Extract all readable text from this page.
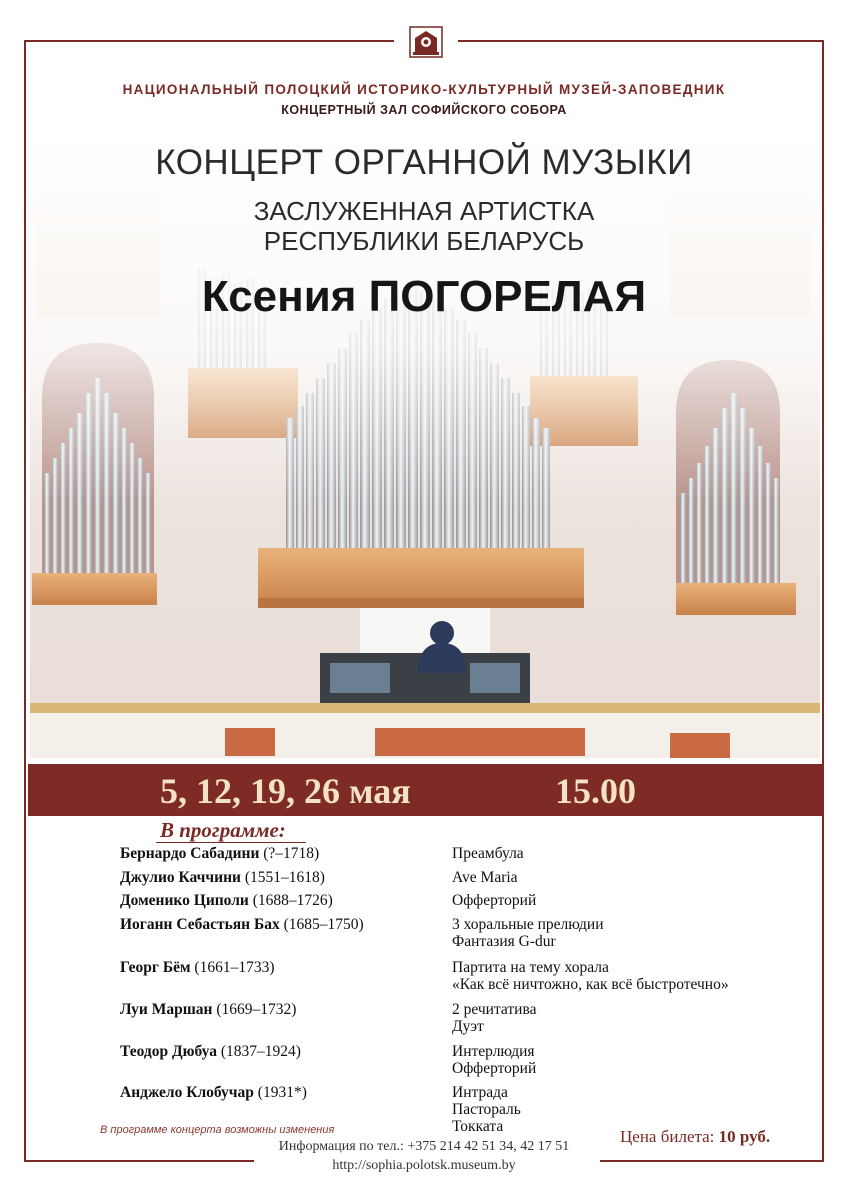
НАЦИОНАЛЬНЫЙ ПОЛОЦКИЙ ИСТОРИКО-КУЛЬТУРНЫЙ МУЗЕЙ-ЗАПОВЕДНИК
КОНЦЕРТНЫЙ ЗАЛ СОФИЙСКОГО СОБОРА
КОНЦЕРТ ОРГАННОЙ МУЗЫКИ
ЗАСЛУЖЕННАЯ АРТИСТКА
РЕСПУБЛИКИ БЕЛАРУСЬ
Ксения ПОГОРЕЛАЯ
5, 12, 19, 26 мая	15.00
В программе:
Бернардо Сабадини (?–1718)	Преамбула
Джулио Каччини (1551–1618)	Ave Maria
Доменико Циполи (1688–1726)	Офферторий
Иоганн Себастьян Бах (1685–1750)	3 хоральные прелюдии
Фантазия G-dur
Георг Бём (1661–1733)	Партита на тему хорала
«Как всё ничтожно, как всё быстротечно»
Луи Маршан (1669–1732)	2 речитатива
Дуэт
Теодор Дюбуа (1837–1924)	Интерлюдия
Офферторий
Анджело Клобучар (1931*)	Интрада
Пастораль
Токката
В программе концерта возможны изменения	Цена билета: 10 руб.
Информация по тел.: +375 214 42 51 34, 42 17 51
http://sophia.polotsk.museum.by
